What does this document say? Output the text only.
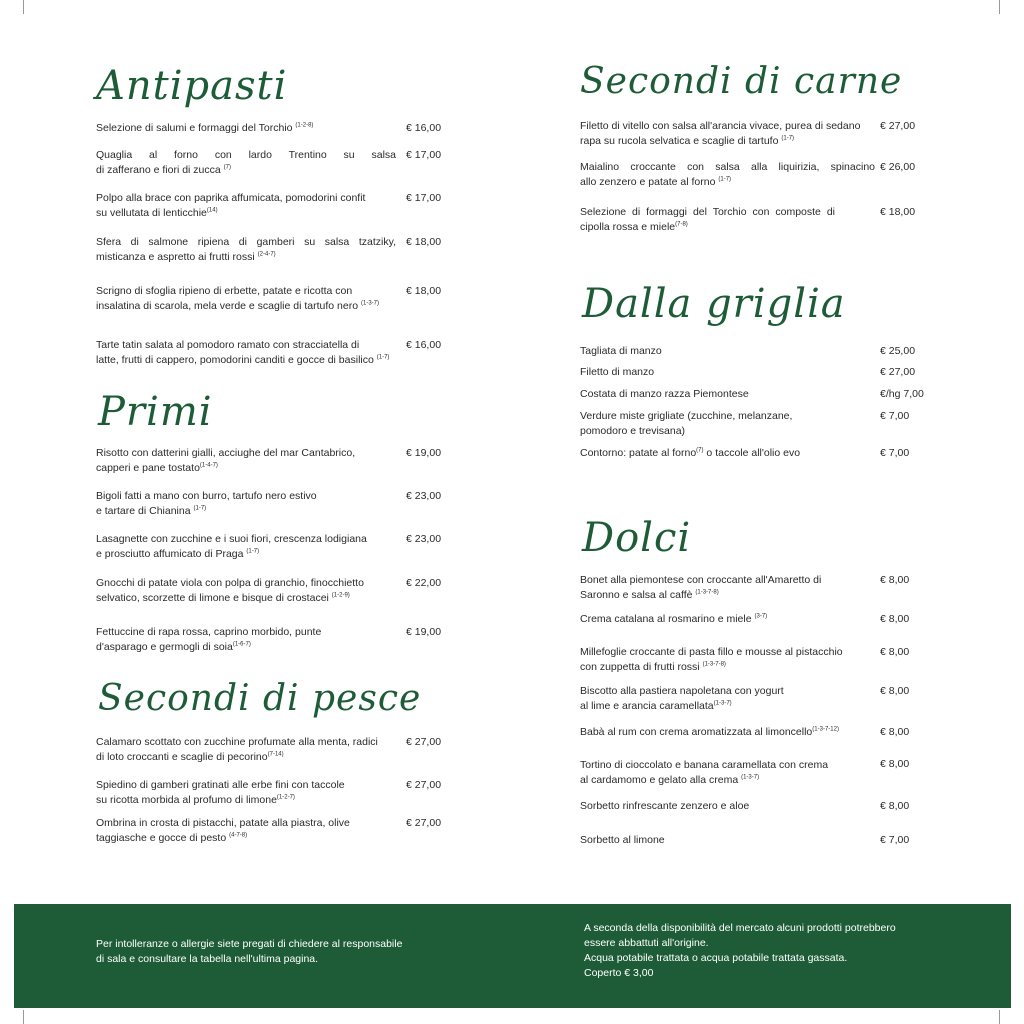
Antipasti
Selezione di salumi e formaggi del Torchio $^{(1-2-8)}$	€ 16,00
Quaglia al forno con lardo Trentino su salsa
di zafferano e fiori di zucca $^{(7)}$
€ 17,00
Polpo alla brace con paprika affumicata, pomodorini confit
su vellutata di lenticchie$^{(14)}$
€ 17,00
Sfera di salmone ripiena di gamberi su salsa tzatziky,
misticanza e aspretto ai frutti rossi $^{(2-4-7)}$
€ 18,00
Scrigno di sfoglia ripieno di erbette, patate e ricotta con
insalatina di scarola, mela verde e scaglie di tartufo nero $^{(1-3-7)}$
€ 18,00
Tarte tatin salata al pomodoro ramato con stracciatella di
latte, frutti di cappero, pomodorini canditi e gocce di basilico $^{(1-7)}$
€ 16,00
Primi
Risotto con datterini gialli, acciughe del mar Cantabrico,
capperi e pane tostato$^{(1-4-7)}$
€ 19,00
Bigoli fatti a mano con burro, tartufo nero estivo
e tartare di Chianina $^{(1-7)}$
€ 23,00
Lasagnette con zucchine e i suoi fiori, crescenza lodigiana
e prosciutto affumicato di Praga $^{(1-7)}$
€ 23,00
Gnocchi di patate viola con polpa di granchio, finocchietto
selvatico, scorzette di limone e bisque di crostacei $^{(1-2-9)}$
€ 22,00
Fettuccine di rapa rossa, caprino morbido, punte
d'asparago e germogli di soia$^{(1-6-7)}$
€ 19,00
Secondi di pesce
Calamaro scottato con zucchine profumate alla menta, radici
di loto croccanti e scaglie di pecorino$^{(7-14)}$
€ 27,00
Spiedino di gamberi gratinati alle erbe fini con taccole
su ricotta morbida al profumo di limone$^{(1-2-7)}$
€ 27,00
Ombrina in crosta di pistacchi, patate alla piastra, olive
taggiasche e gocce di pesto $^{(4-7-8)}$
€ 27,00
Secondi di carne
Filetto di vitello con salsa all'arancia vivace, purea di sedano
rapa su rucola selvatica e scaglie di tartufo $^{(1-7)}$
€ 27,00
Maialino croccante con salsa alla liquirizia, spinacino
allo zenzero e patate al forno $^{(1-7)}$
€ 26,00
Selezione di formaggi del Torchio con composte di
cipolla rossa e miele$^{(7-8)}$
€ 18,00
Dalla griglia
Tagliata di manzo	€ 25,00
Filetto di manzo	€ 27,00
Costata di manzo razza Piemontese	€/hg 7,00
Verdure miste grigliate (zucchine, melanzane,
pomodoro e trevisana)
€ 7,00
Contorno: patate al forno$^{(7)}$ o taccole all'olio evo	€ 7,00
Dolci
Bonet alla piemontese con croccante all'Amaretto di
Saronno e salsa al caffè $^{(1-3-7-8)}$
€ 8,00
Crema catalana al rosmarino e miele $^{(3-7)}$	€ 8,00
Millefoglie croccante di pasta fillo e mousse al pistacchio
con zuppetta di frutti rossi $^{(1-3-7-8)}$
€ 8,00
Biscotto alla pastiera napoletana con yogurt
al lime e arancia caramellata$^{(1-3-7)}$
€ 8,00
Babà al rum con crema aromatizzata al limoncello$^{(1-3-7-12)}$	€ 8,00
Tortino di cioccolato e banana caramellata con crema
al cardamomo e gelato alla crema $^{(1-3-7)}$
€ 8,00
Sorbetto rinfrescante zenzero e aloe	€ 8,00
Sorbetto al limone	€ 7,00
Per intolleranze o allergie siete pregati di chiedere al responsabile
di sala e consultare la tabella nell'ultima pagina.
A seconda della disponibilità del mercato alcuni prodotti potrebbero
essere abbattuti all'origine.
Acqua potabile trattata o acqua potabile trattata gassata.
Coperto € 3,00
